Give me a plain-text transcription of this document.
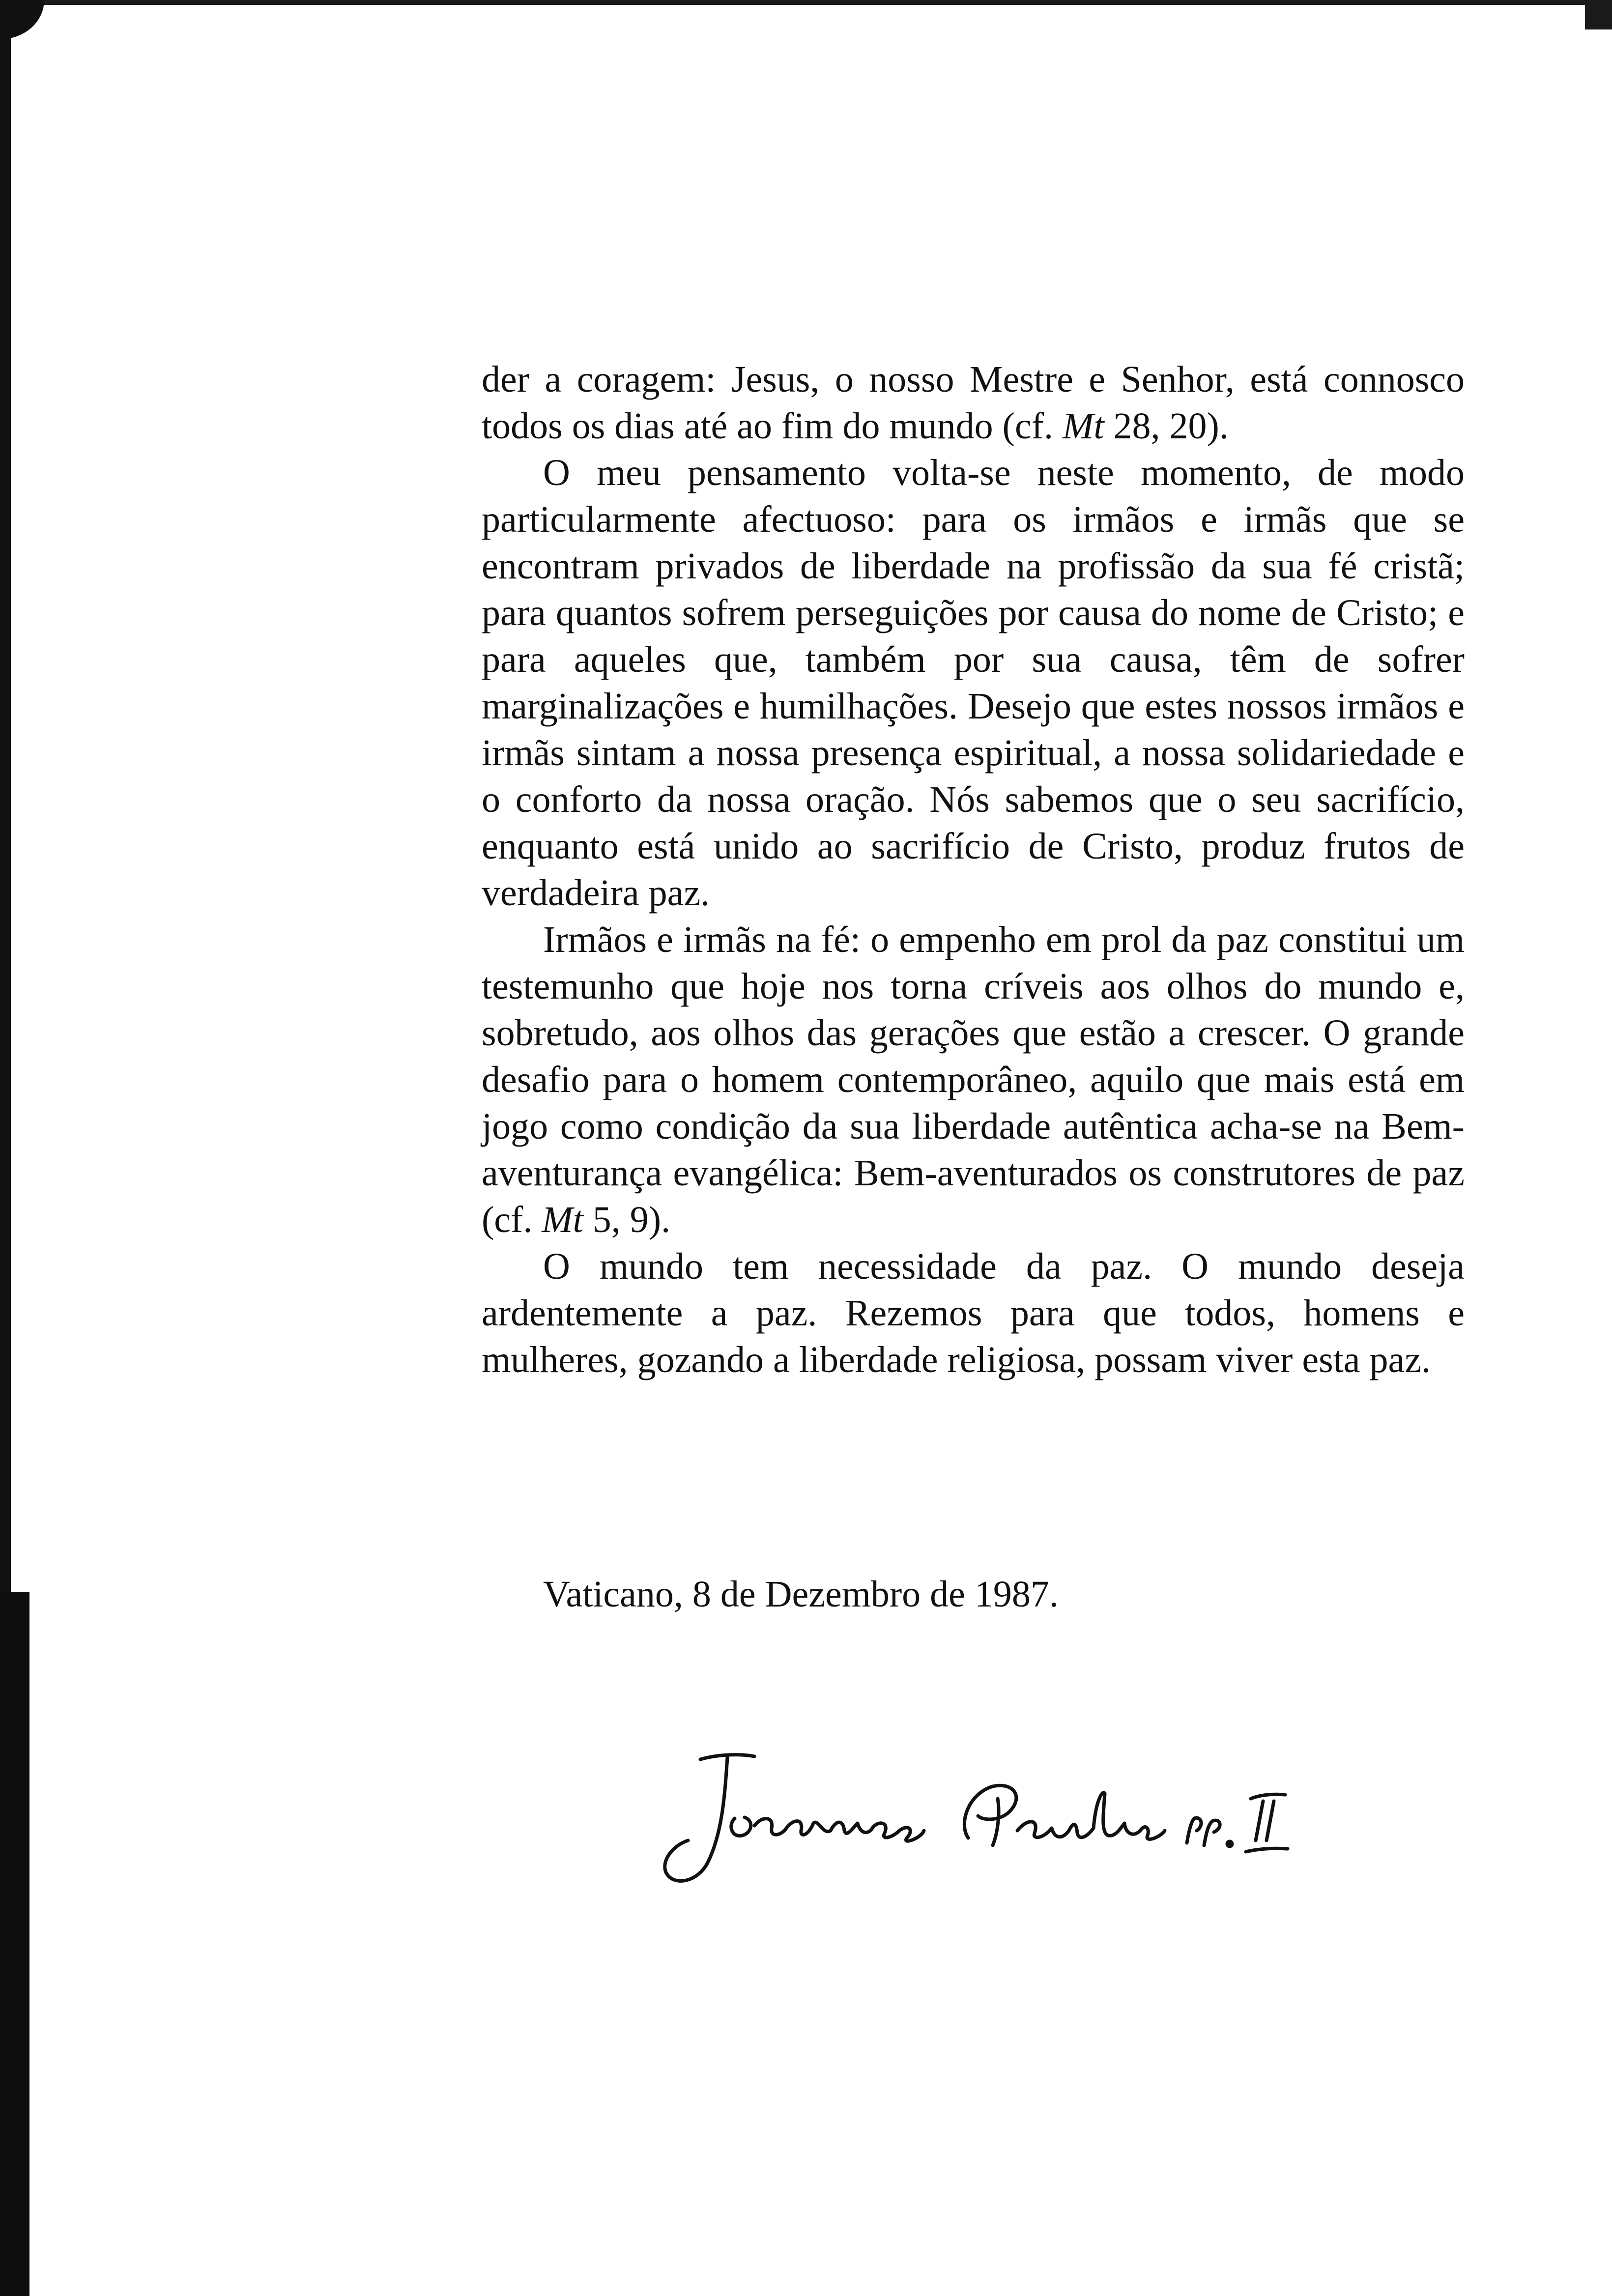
der a coragem: Jesus, o nosso Mestre e Senhor, está connosco todos os dias até ao fim do mundo (cf. Mt 28, 20).

O meu pensamento volta-se neste momento, de modo particularmente afectuoso: para os irmãos e irmãs que se encontram privados de liberdade na profissão da sua fé cristã; para quantos sofrem perseguições por causa do nome de Cristo; e para aqueles que, também por sua causa, têm de sofrer marginalizações e humilhações. Desejo que estes nossos irmãos e irmãs sintam a nossa presença espiritual, a nossa solidariedade e o conforto da nossa oração. Nós sabemos que o seu sacrifício, enquanto está unido ao sacrifício de Cristo, produz frutos de verdadeira paz.

Irmãos e irmãs na fé: o empenho em prol da paz constitui um testemunho que hoje nos torna críveis aos olhos do mundo e, sobretudo, aos olhos das gerações que estão a crescer. O grande desafio para o homem contemporâneo, aquilo que mais está em jogo como condição da sua liberdade autêntica acha-se na Bem-aventurança evangélica: Bem-aventurados os construtores de paz (cf. Mt 5, 9).

O mundo tem necessidade da paz. O mundo deseja ardentemente a paz. Rezemos para que todos, homens e mulheres, gozando a liberdade religiosa, possam viver esta paz.

Vaticano, 8 de Dezembro de 1987.
